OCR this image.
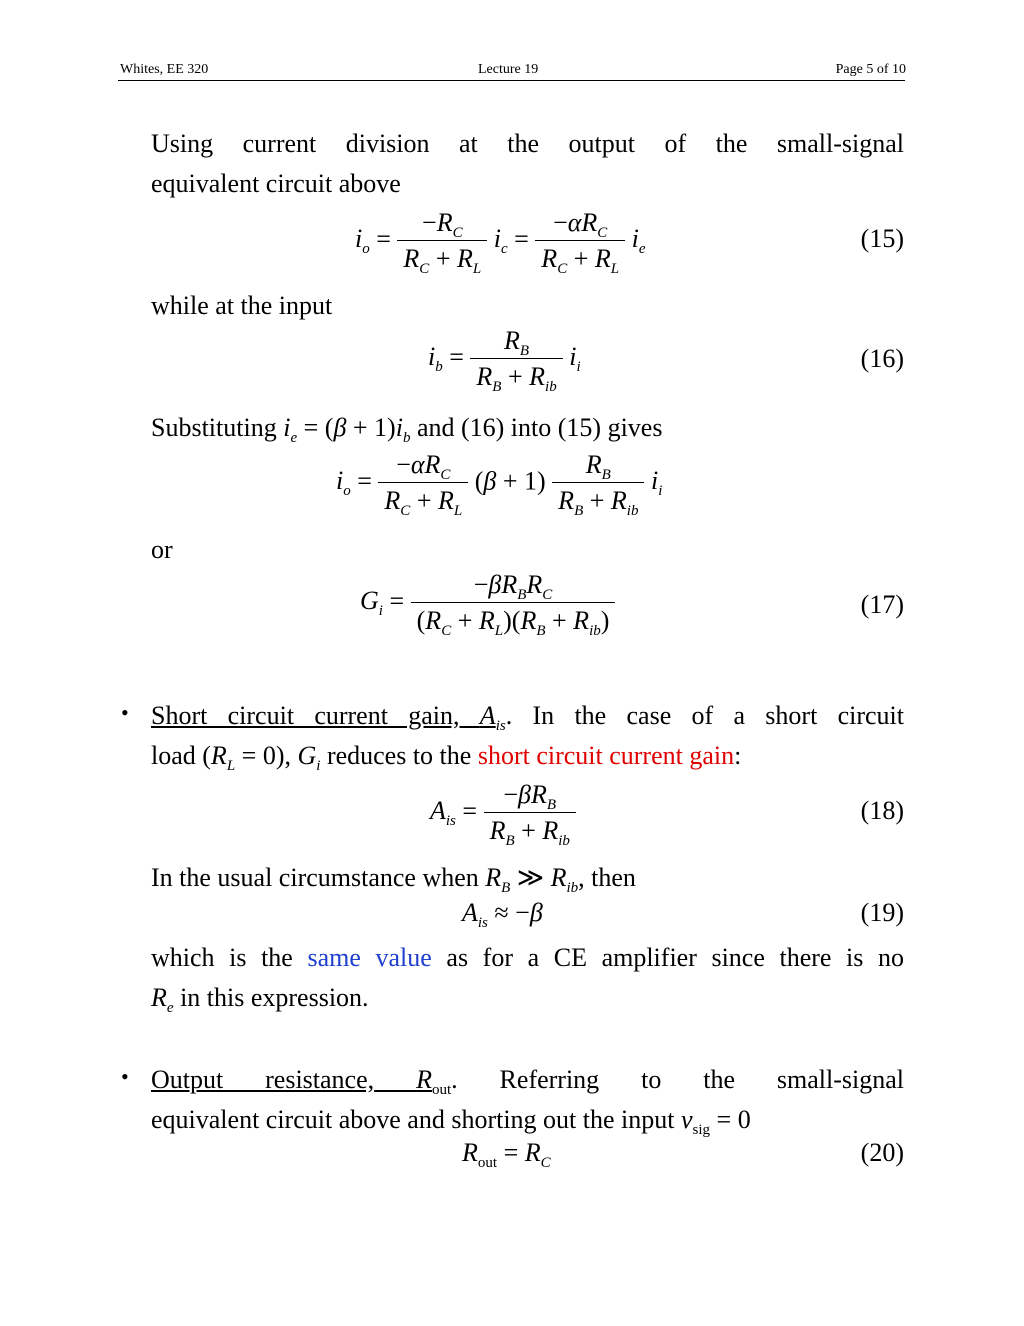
Whites, EE 320	Lecture 19	Page 5 of 10
Using current division at the output of the small-signal
equivalent circuit above
$i_o = \frac{-R_C}{R_C + R_L} i_c = \frac{-\alpha R_C}{R_C + R_L} i_e$	(15)
while at the input
$i_b = \frac{R_B}{R_B + R_{ib}} i_i$	(16)
Substituting $i_e = (\beta + 1)i_b$ and (16) into (15) gives
$i_o = \frac{-\alpha R_C}{R_C + R_L} (\beta + 1) \frac{R_B}{R_B + R_{ib}} i_i$
or
$G_i = \frac{-\beta R_BR_C}{(R_C + R_L)(R_B + R_{ib})}$	(17)
• Short circuit current gain, $A_{is}$. In the case of a short circuit
load $(R_L = 0)$, $G_i$ reduces to the short circuit current gain:
$A_{is} = \frac{-\beta R_B}{R_B + R_{ib}}$	(18)
In the usual circumstance when $R_B$ ≫ $R_{ib}$, then
$A_{is} \approx -\beta$	(19)
which is the same value as for a CE amplifier since there is no
$R_e$ in this expression.
• Output resistance, $R_{out}$. Referring to the small-signal
equivalent circuit above and shorting out the input $v_{sig} = 0$
$R_{out} = R_C$	(20)
